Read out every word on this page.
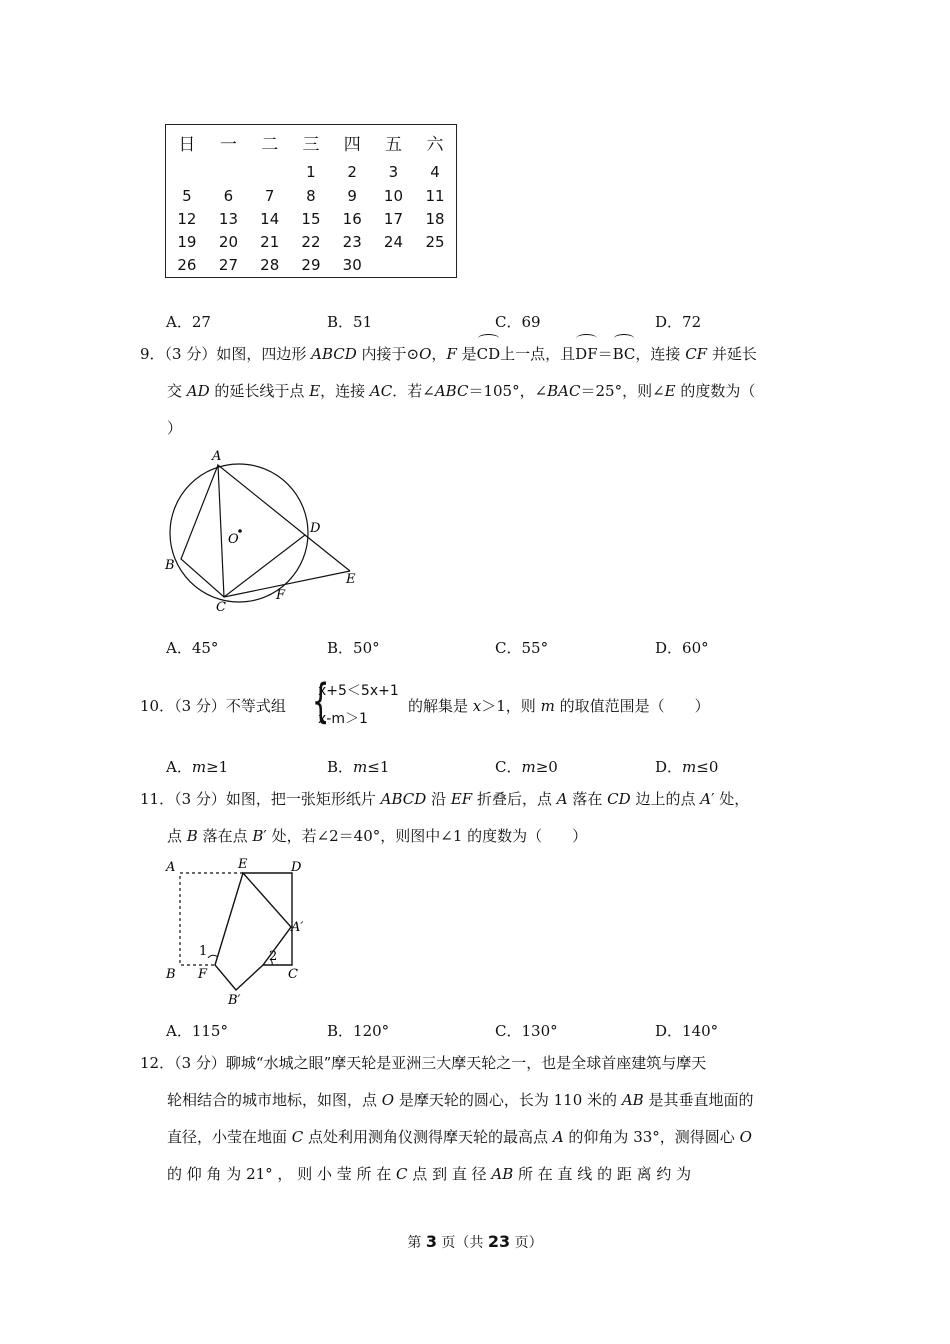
日	一	二	三	四	五	六
			1	2	3	4
5	6	7	8	9	10	11
12	13	14	15	16	17	18
19	20	21	22	23	24	25
26	27	28	29	30		
A．27	B．51	C．69	D．72
9．（3 分）如图，四边形 ABCD 内接于⊙O，F 是CD上一点，且DF＝BC，连接 CF 并延长
交 AD 的延长线于点 E，连接 AC．若∠ABC＝105°，∠BAC＝25°，则∠E 的度数为（
）
A
B
C
D
E
F
O
A．45°	B．50°	C．55°	D．60°
10．（3 分）不等式组 {
x+5＜5x+1
x-m＞1
的解集是 x＞1，则 m 的取值范围是（　　）
A．m≥1	B．m≤1	C．m≥0	D．m≤0
11．（3 分）如图，把一张矩形纸片 ABCD 沿 EF 折叠后，点 A 落在 CD 边上的点 A′ 处，
点 B 落在点 B′ 处，若∠2＝40°，则图中∠1 的度数为（　　）
A	E	D
A′
B F	C
B′
1	2
A．115°	B．120°	C．130°	D．140°
12．（3 分）聊城“水城之眼”摩天轮是亚洲三大摩天轮之一，也是全球首座建筑与摩天
轮相结合的城市地标，如图，点 O 是摩天轮的圆心，长为 110 米的 AB 是其垂直地面的
直径，小莹在地面 C 点处利用测角仪测得摩天轮的最高点 A 的仰角为 33°，测得圆心 O
的 仰 角 为 21° ， 则 小 莹 所 在 C 点 到 直 径 AB 所 在 直 线 的 距 离 约 为
第 3 页（共 23 页）
